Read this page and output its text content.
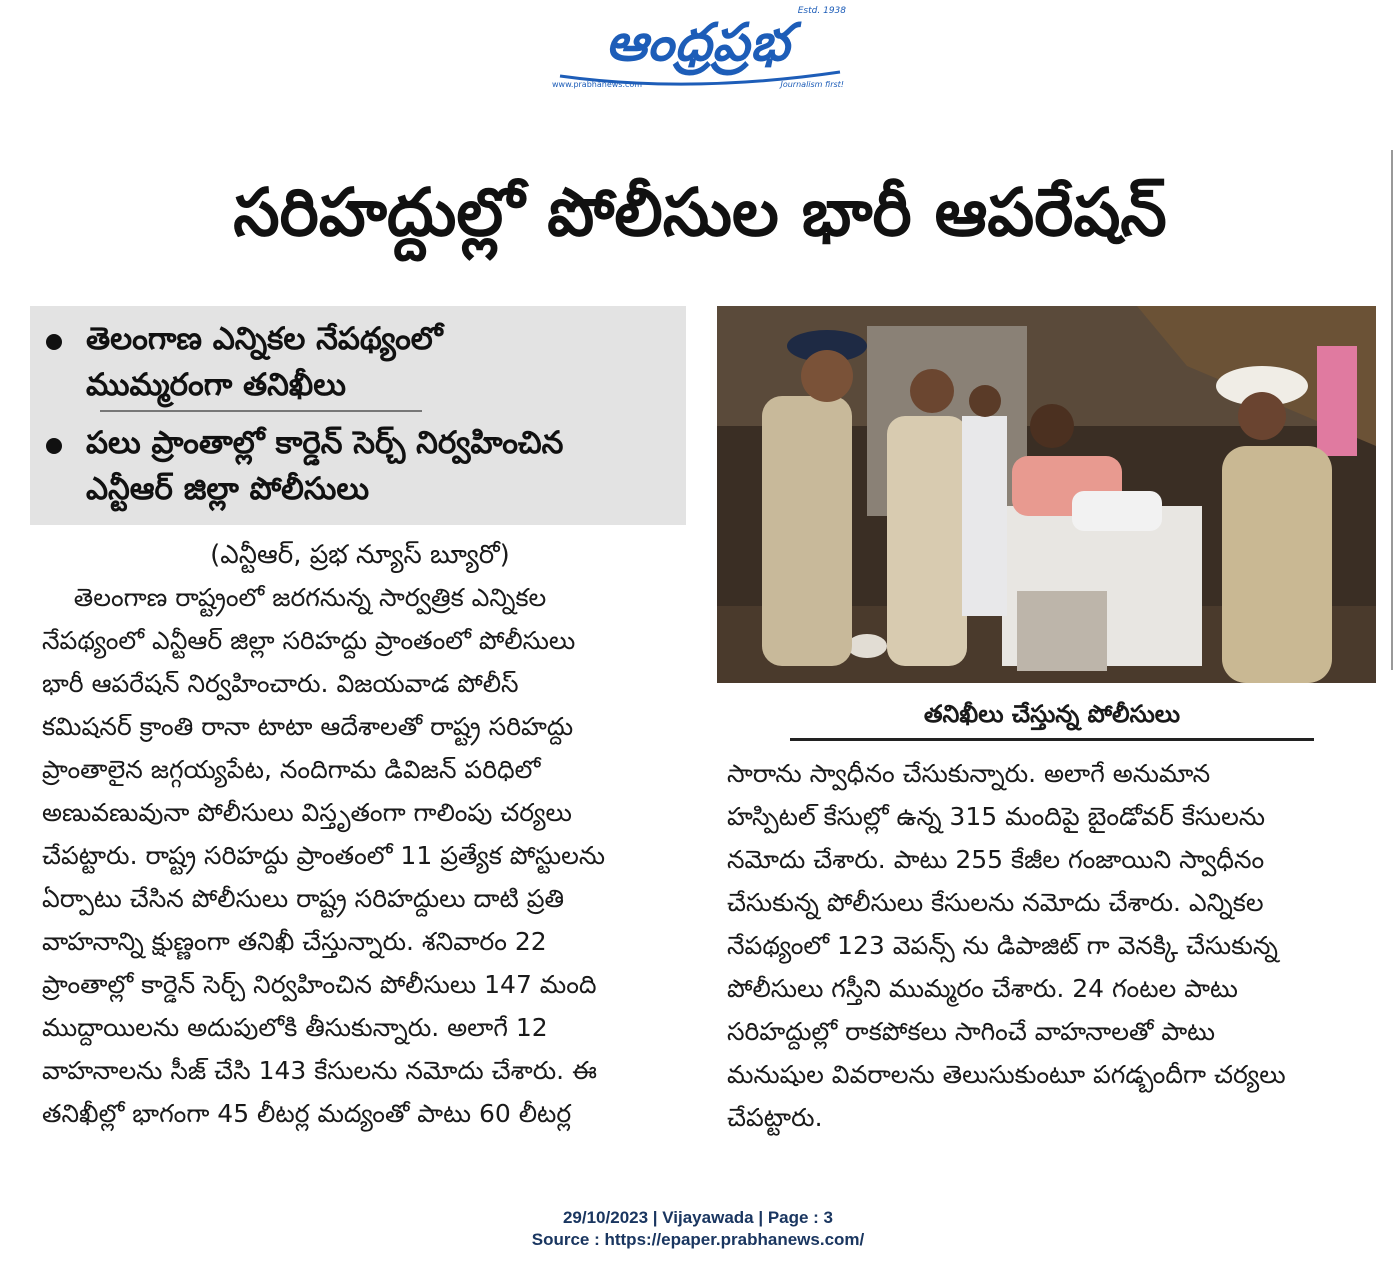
ఆంధ్రప్రభ
Estd. 1938
www.prabhanews.com	Journalism first!
సరిహద్దుల్లో పోలీసుల భారీ ఆపరేషన్
తెలంగాణ ఎన్నికల నేపథ్యంలో
ముమ్మరంగా తనిఖీలు
పలు ప్రాంతాల్లో కార్డెన్ సెర్చ్ నిర్వహించిన
ఎన్టీఆర్ జిల్లా పోలీసులు
(ఎన్టీఆర్, ప్రభ న్యూస్ బ్యూరో)

తెలంగాణ రాష్ట్రంలో జరగనున్న సార్వత్రిక ఎన్నికల

నేపథ్యంలో ఎన్టీఆర్ జిల్లా సరిహద్దు ప్రాంతంలో పోలీసులు

భారీ ఆపరేషన్ నిర్వహించారు. విజయవాడ పోలీస్

కమిషనర్ క్రాంతి రానా టాటా ఆదేశాలతో రాష్ట్ర సరిహద్దు

ప్రాంతాలైన జగ్గయ్యపేట, నందిగామ డివిజన్ పరిధిలో

అణువణువునా పోలీసులు విస్తృతంగా గాలింపు చర్యలు

చేపట్టారు. రాష్ట్ర సరిహద్దు ప్రాంతంలో 11 ప్రత్యేక పోస్టులను

ఏర్పాటు చేసిన పోలీసులు రాష్ట్ర సరిహద్దులు దాటి ప్రతి

వాహనాన్ని క్షుణ్ణంగా తనిఖీ చేస్తున్నారు. శనివారం 22

ప్రాంతాల్లో కార్డెన్ సెర్చ్ నిర్వహించిన పోలీసులు 147 మంది

ముద్దాయిలను అదుపులోకి తీసుకున్నారు. అలాగే 12

వాహనాలను సీజ్ చేసి 143 కేసులను నమోదు చేశారు. ఈ

తనిఖీల్లో భాగంగా 45 లీటర్ల మద్యంతో పాటు 60 లీటర్ల

తనిఖీలు చేస్తున్న పోలీసులు

సారాను స్వాధీనం చేసుకున్నారు. అలాగే అనుమాన

హస్పిటల్ కేసుల్లో ఉన్న 315 మందిపై బైండోవర్ కేసులను

నమోదు చేశారు. పాటు 255 కేజీల గంజాయిని స్వాధీనం

చేసుకున్న పోలీసులు కేసులను నమోదు చేశారు. ఎన్నికల

నేపథ్యంలో 123 వెపన్స్ ను డిపాజిట్ గా వెనక్కి చేసుకున్న

పోలీసులు గస్తీని ముమ్మరం చేశారు. 24 గంటల పాటు

సరిహద్దుల్లో రాకపోకలు సాగించే వాహనాలతో పాటు

మనుషుల వివరాలను తెలుసుకుంటూ పగడ్బందీగా చర్యలు

చేపట్టారు.

29/10/2023 | Vijayawada | Page : 3
Source : https://epaper.prabhanews.com/
